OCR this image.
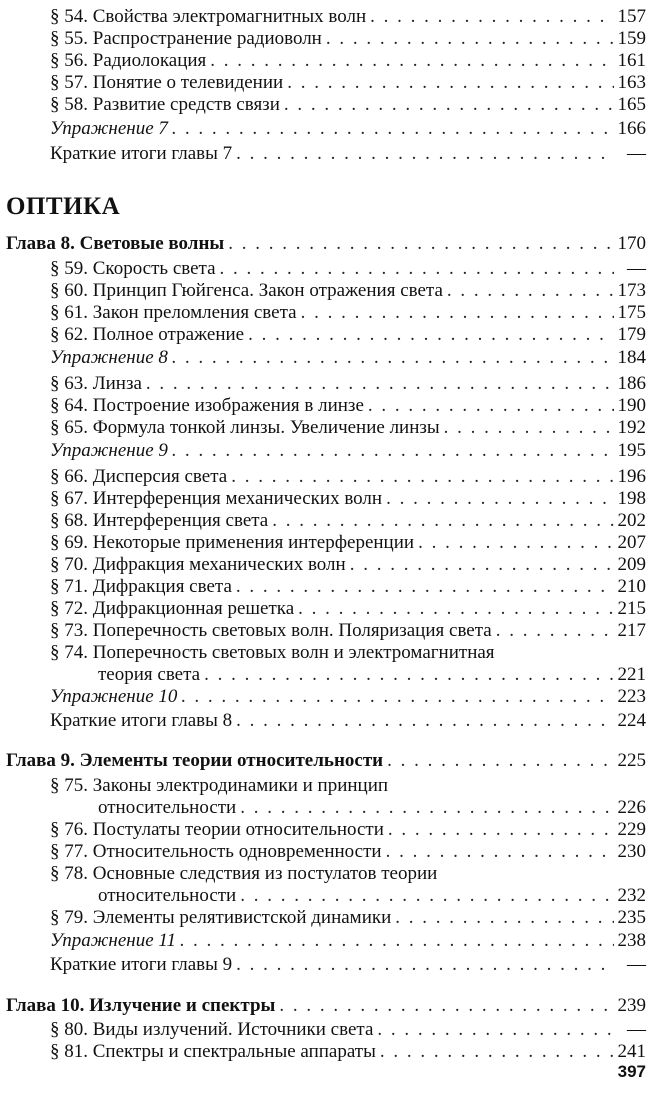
§ 54. Свойства электромагнитных волн . . .	157
§ 55. Распространение радиоволн . . .	159
§ 56. Радиолокация . . .	161
§ 57. Понятие о телевидении . . .	163
§ 58. Развитие средств связи . . .	165
Упражнение 7 . . .	166
Краткие итоги главы 7 . . .	—
ОПТИКА
Глава 8. Световые волны . . .	170
§ 59. Скорость света . . .	—
§ 60. Принцип Гюйгенса. Закон отражения света . . .	173
§ 61. Закон преломления света . . .	175
§ 62. Полное отражение . . .	179
Упражнение 8 . . .	184
§ 63. Линза . . .	186
§ 64. Построение изображения в линзе . . .	190
§ 65. Формула тонкой линзы. Увеличение линзы . . .	192
Упражнение 9 . . .	195
§ 66. Дисперсия света . . .	196
§ 67. Интерференция механических волн . . .	198
§ 68. Интерференция света . . .	202
§ 69. Некоторые применения интерференции . . .	207
§ 70. Дифракция механических волн . . .	209
§ 71. Дифракция света . . .	210
§ 72. Дифракционная решетка . . .	215
§ 73. Поперечность световых волн. Поляризация света . . .	217
§ 74. Поперечность световых волн и электромагнитная
теория света . . .	221
Упражнение 10 . . .	223
Краткие итоги главы 8 . . .	224
Глава 9. Элементы теории относительности . . .	225
§ 75. Законы электродинамики и принцип
относительности . . .	226
§ 76. Постулаты теории относительности . . .	229
§ 77. Относительность одновременности . . .	230
§ 78. Основные следствия из постулатов теории
относительности . . .	232
§ 79. Элементы релятивистской динамики . . .	235
Упражнение 11 . . .	238
Краткие итоги главы 9 . . .	—
Глава 10. Излучение и спектры . . .	239
§ 80. Виды излучений. Источники света . . .	—
§ 81. Спектры и спектральные аппараты . . .	241
397
